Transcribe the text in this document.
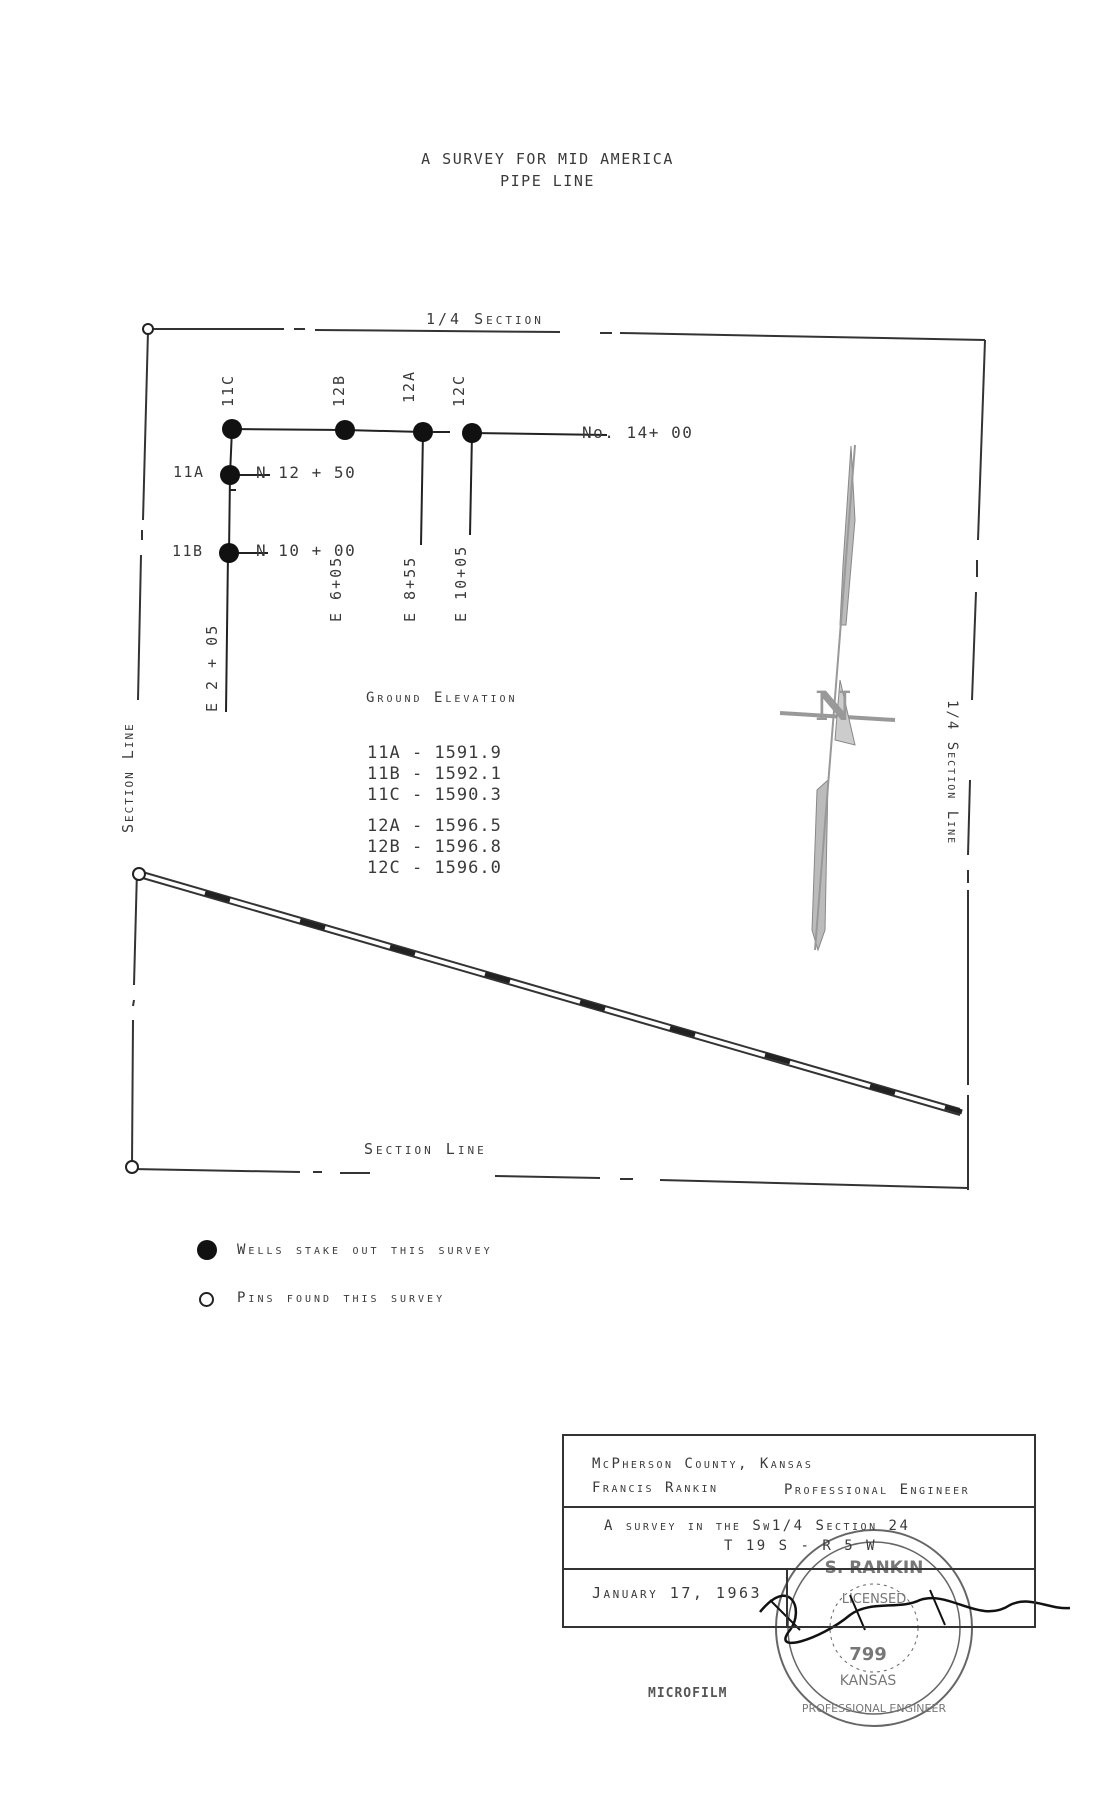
A SURVEY FOR MID AMERICA
PIPE LINE
N
S. RANKIN
LICENSED
799
KANSAS
PROFESSIONAL ENGINEER
1/4 Section
Section Line
Section Line	1/4 Section Line
11C	12B	12A 12C
11A
11B
No. 14+ 00
N 12 + 50
N 10 + 00
E 2 + 05
E 6+05	E 8+55 E 10+05
Ground Elevation
11A - 1591.9
11B - 1592.1
11C - 1590.3
12A - 1596.5
12B - 1596.8
12C - 1596.0
Wells stake out this survey
Pins found this survey
McPherson County, Kansas
Francis Rankin	Professional Engineer
A survey in the Sw1/4 Section 24
T 19 S - R 5 W
January 17, 1963
MICROFILM
